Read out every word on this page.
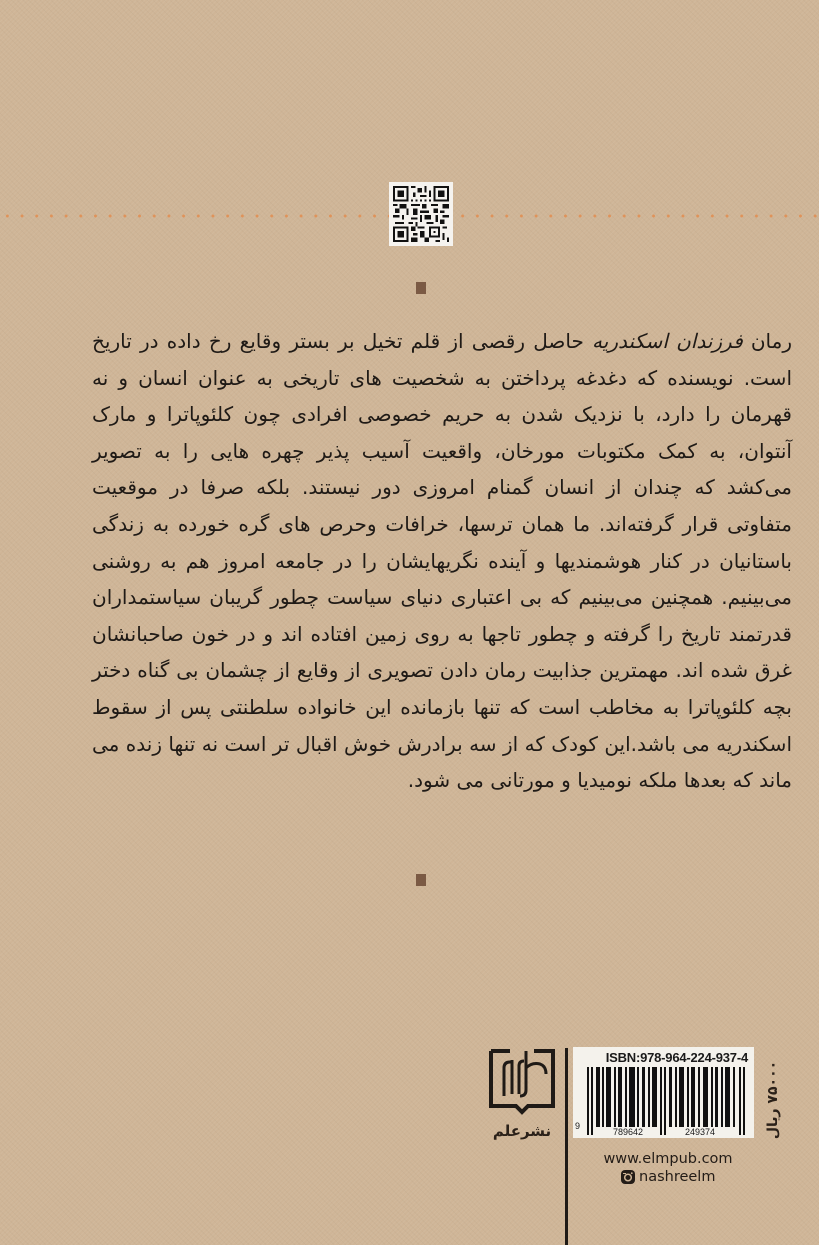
رمان فرزندان اسکندریه حاصل رقصی از قلم تخیل بر بستر وقایع رخ داده در تاریخ است. نویسنده که دغدغه پرداختن به شخصیت های تاریخی به عنوان انسان و نه قهرمان را دارد، با نزدیک شدن به حریم خصوصی افرادی چون کلئوپاترا و مارک آنتوان، به کمک مکتوبات مورخان، واقعیت آسیب پذیر چهره هایی را به تصویر می‌کشد که چندان از انسان گمنام امروزی دور نیستند. بلکه صرفا در موقعیت متفاوتی قرار گرفته‌اند. ما همان ترسها، خرافات وحرص های گره خورده به زندگی باستانیان در کنار هوشمندیها و آینده نگریهایشان را در جامعه امروز هم به روشنی می‌بینیم. همچنین می‌بینیم که بی اعتباری دنیای سیاست چطور گریبان سیاستمداران قدرتمند تاریخ را گرفته و چطور تاجها به روی زمین افتاده اند و در خون صاحبانشان غرق شده اند. مهمترین جذابیت رمان دادن تصویری از وقایع از چشمان بی گناه دختر بچه کلئوپاترا به مخاطب است که تنها بازمانده این خانواده سلطنتی پس از سقوط اسکندریه می باشد.این کودک که از سه برادرش خوش اقبال تر است نه تنها زنده می ماند که بعدها ملکه نومیدیا و مورتانی می شود.

نشرعلم
ISBN:978-964-224-937-4
9
789642	249374
www.elmpub.com
nashreelm
۷۵۰۰۰ ریال
